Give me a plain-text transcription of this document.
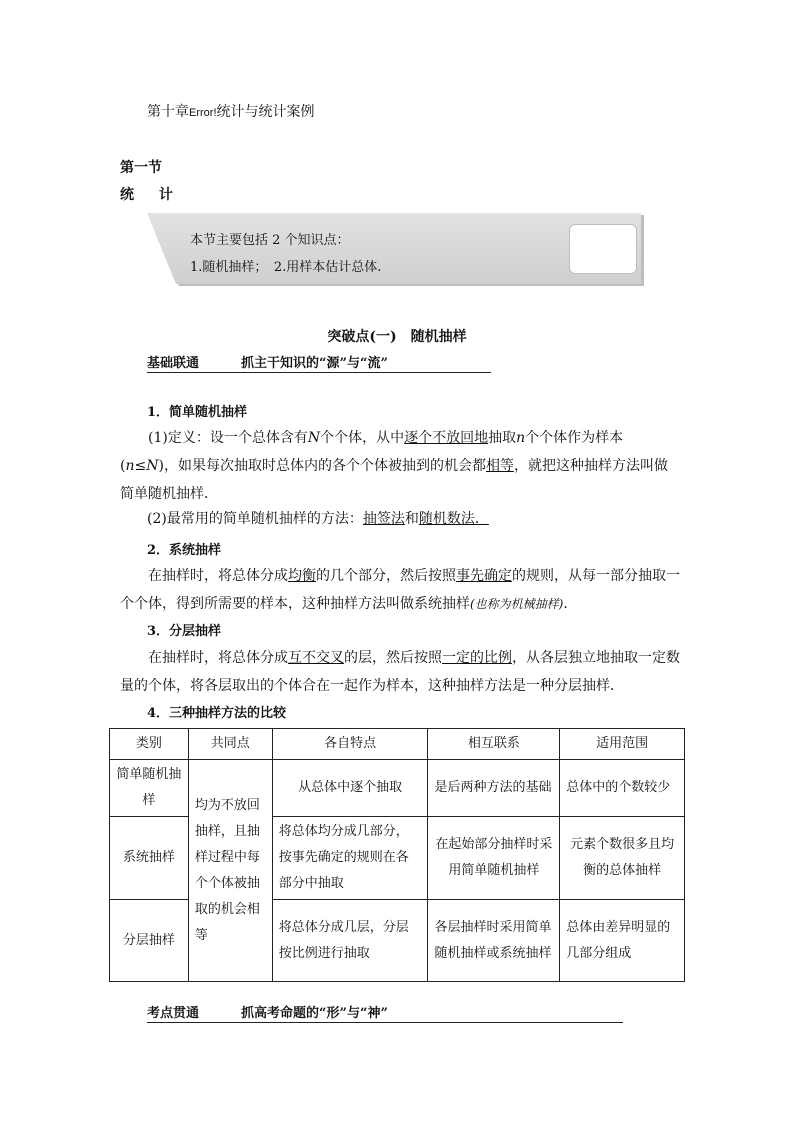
第十章Error!统计与统计案例
第一节
统 计
本节主要包括 2 个知识点：
1.随机抽样；　2.用样本估计总体.
突破点(一)　随机抽样
基础联通	抓主干知识的“源”与“流”
1．简单随机抽样
(1)定义：设一个总体含有N个个体，从中逐个不放回地抽取n个个体作为样本(n≤N)，如果每次抽取时总体内的各个个体被抽到的机会都相等，就把这种抽样方法叫做简单随机抽样．
(2)最常用的简单随机抽样的方法：抽签法和随机数法．
2．系统抽样
在抽样时，将总体分成均衡的几个部分，然后按照事先确定的规则，从每一部分抽取一个个体，得到所需要的样本，这种抽样方法叫做系统抽样(也称为机械抽样)．
3．分层抽样
在抽样时，将总体分成互不交叉的层，然后按照一定的比例，从各层独立地抽取一定数量的个体，将各层取出的个体合在一起作为样本，这种抽样方法是一种分层抽样．
4．三种抽样方法的比较
类别	共同点	各自特点	相互联系	适用范围
简单随机抽样	均为不放回抽样，且抽样过程中每个个体被抽取的机会相等	从总体中逐个抽取	是后两种方法的基础	总体中的个数较少
系统抽样		将总体均分成几部分，按事先确定的规则在各部分中抽取	在起始部分抽样时采用简单随机抽样	元素个数很多且均衡的总体抽样
分层抽样		将总体分成几层，分层按比例进行抽取	各层抽样时采用简单随机抽样或系统抽样	总体由差异明显的几部分组成
考点贯通	抓高考命题的“形”与“神”
